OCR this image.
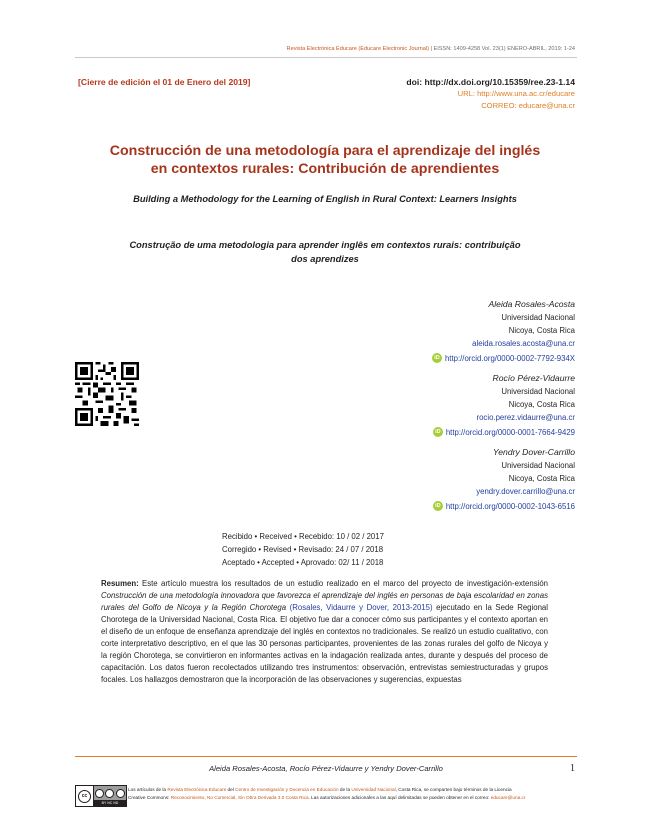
Revista Electrónica Educare (Educare Electronic Journal) | EISSN: 1409-4258 Vol. 23(1) ENERO-ABRIL, 2019: 1-24
[Cierre de edición el 01 de Enero del 2019]	doi: http://dx.doi.org/10.15359/ree.23-1.14
URL: http://www.una.ac.cr/educare
CORREO: educare@una.cr
Construcción de una metodología para el aprendizaje del inglés
en contextos rurales: Contribución de aprendientes
Building a Methodology for the Learning of English in Rural Context: Learners Insights
Construção de uma metodologia para aprender inglês em contextos rurais: contribuição
dos aprendizes
Aleida Rosales-Acosta
Universidad Nacional
Nicoya, Costa Rica
aleida.rosales.acosta@una.cr
iD http://orcid.org/0000-0002-7792-934X
Rocío Pérez-Vidaurre
Universidad Nacional
Nicoya, Costa Rica
rocio.perez.vidaurre@una.cr
iD http://orcid.org/0000-0001-7664-9429
Yendry Dover-Carrillo
Universidad Nacional
Nicoya, Costa Rica
yendry.dover.carrillo@una.cr
iD http://orcid.org/0000-0002-1043-6516
Recibido • Received • Recebido: 10 / 02 / 2017
Corregido • Revised • Revisado: 24 / 07 / 2018
Aceptado • Accepted • Aprovado: 02/ 11 / 2018
Resumen: Este artículo muestra los resultados de un estudio realizado en el marco del proyecto de investigación-extensión Construcción de una metodología innovadora que favorezca el aprendizaje del inglés en personas de baja escolaridad en zonas rurales del Golfo de Nicoya y la Región Chorotega (Rosales, Vidaurre y Dover, 2013-2015) ejecutado en la Sede Regional Chorotega de la Universidad Nacional, Costa Rica. El objetivo fue dar a conocer cómo sus participantes y el contexto aportan en el diseño de un enfoque de enseñanza aprendizaje del inglés en contextos no tradicionales. Se realizó un estudio cualitativo, con corte interpretativo descriptivo, en el que las 30 personas participantes, provenientes de las zonas rurales del golfo de Nicoya y la región Chorotega, se convirtieron en informantes activas en la indagación realizada antes, durante y después del proceso de capacitación. Los datos fueron recolectados utilizando tres instrumentos: observación, entrevistas semiestructuradas y grupos focales. Los hallazgos demostraron que la incorporación de las observaciones y sugerencias, expuestas
Aleida Rosales-Acosta, Rocío Pérez-Vidaurre y Yendry Dover-Carrillo	1
cc
BY NC ND
Los artículos de la Revista Electrónica Educare del Centro de Investigación y Docencia en Educación de la Universidad Nacional, Costa Rica, se comparten bajo términos de la Licencia
Creative Commons: Reconocimiento, No Comercial, Sin Obra Derivada 3.0 Costa Rica. Las autorizaciones adicionales a las aquí delimitadas se pueden obtener en el correo: educare@una.cr
